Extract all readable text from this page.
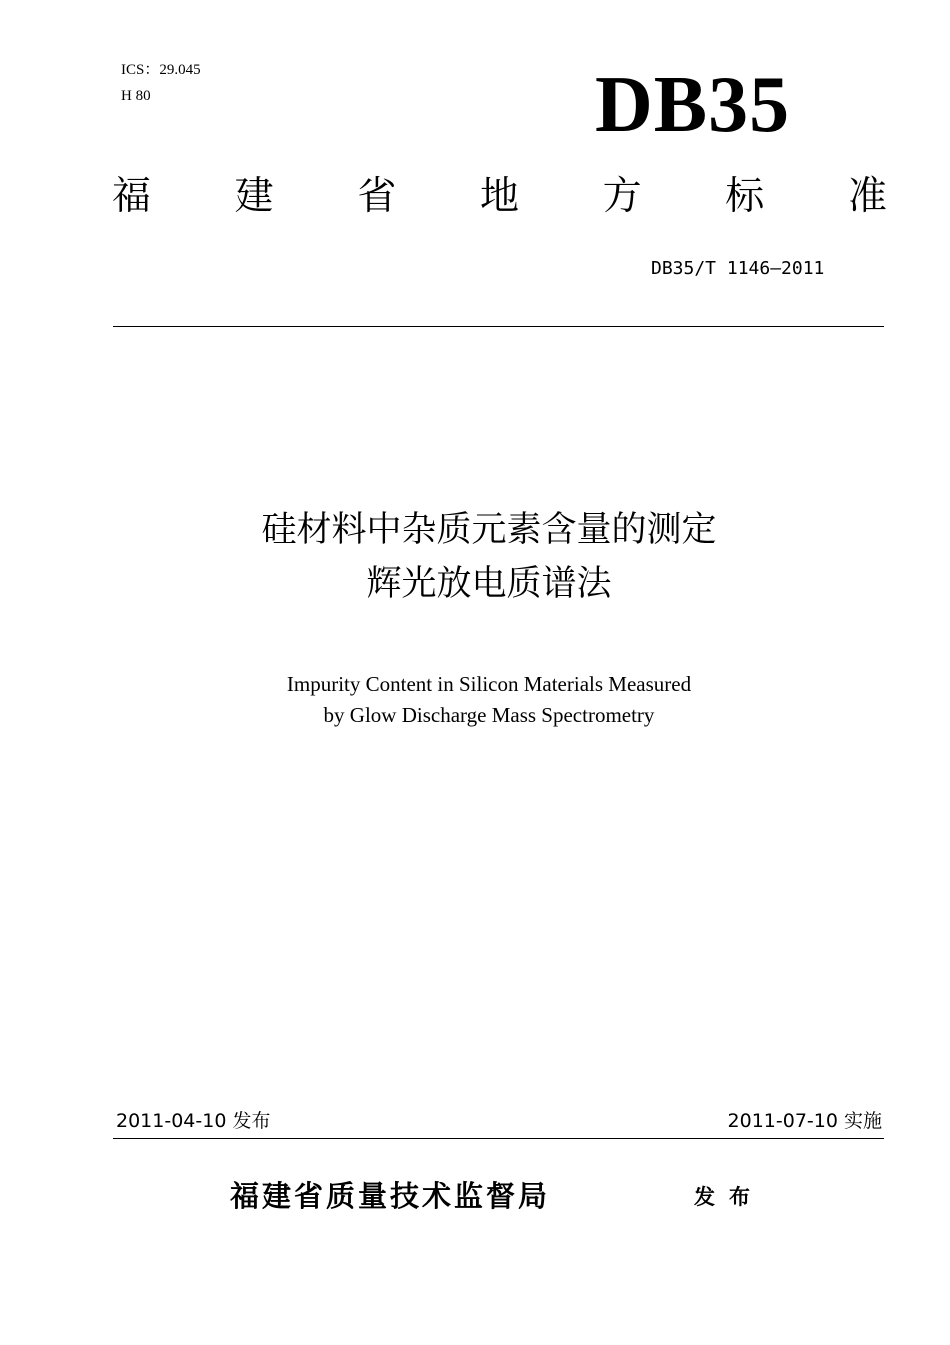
ICS：29.045
H 80	DB35
福 建 省 地 方 标 准
DB35/T 1146—2011
硅材料中杂质元素含量的测定
辉光放电质谱法
Impurity Content in Silicon Materials Measured
by Glow Discharge Mass Spectrometry
2011-04-10 发布	2011-07-10 实施
福建省质量技术监督局	发布
